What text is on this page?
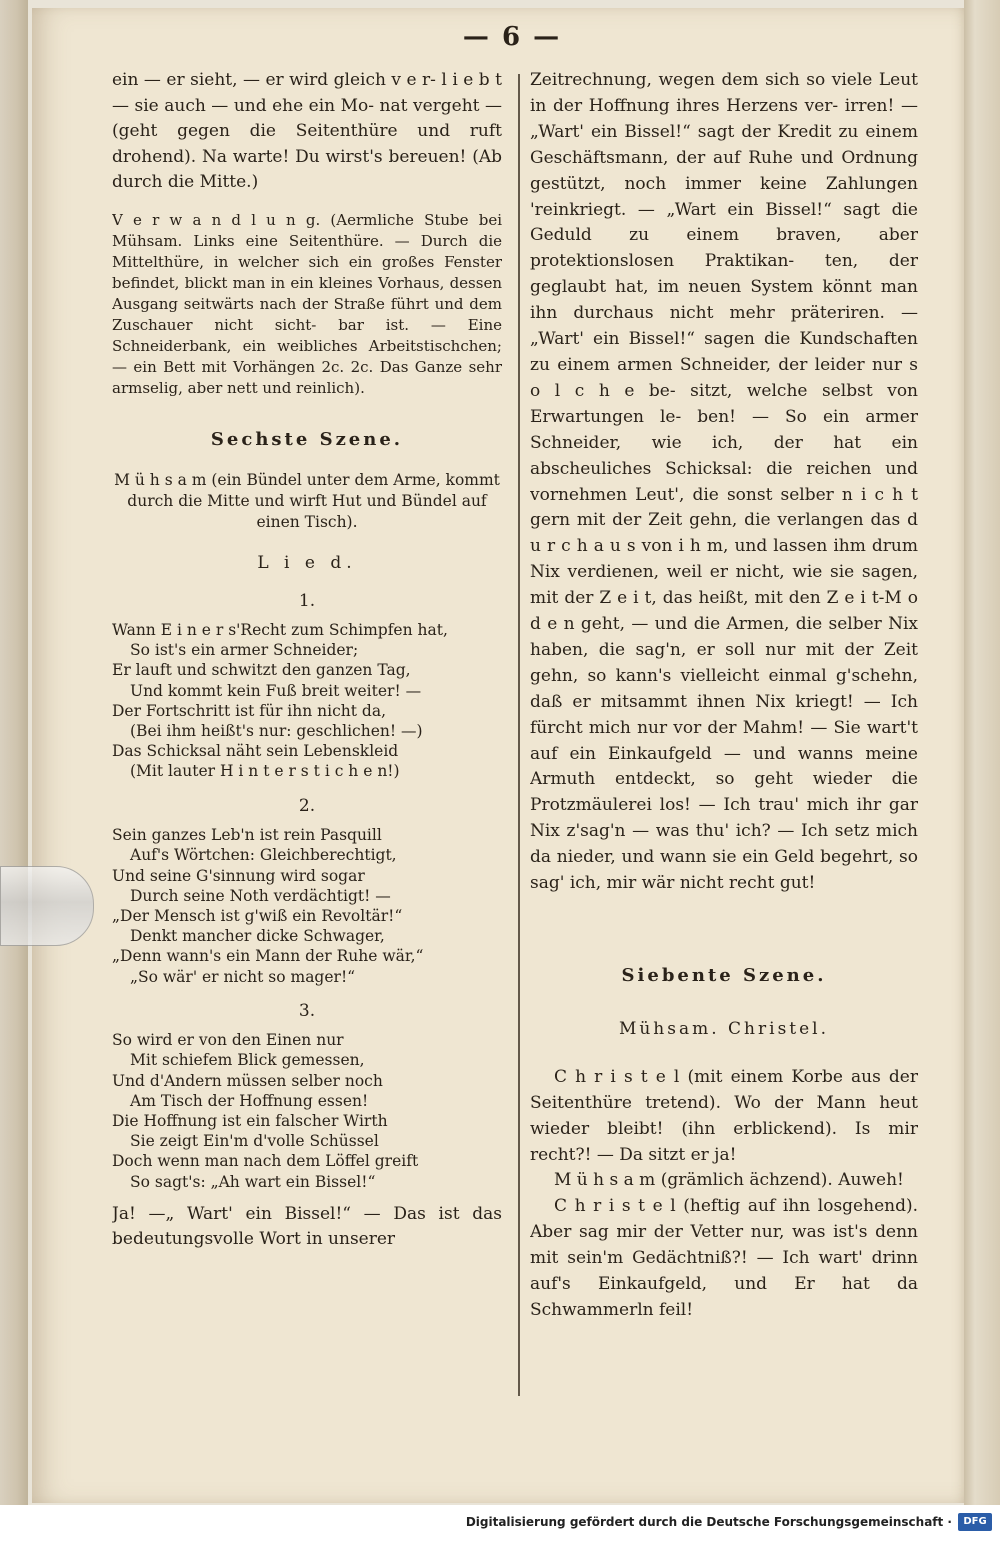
— 6 —

ein — er sieht, — er wird gleich v e r- l i e b t — sie auch — und ehe ein Mo- nat vergeht — (geht gegen die Seitenthüre und ruft drohend). Na warte! Du wirst's bereuen! (Ab durch die Mitte.)

V e r w a n d l u n g. (Aermliche Stube bei Mühsam. Links eine Seitenthüre. — Durch die Mittelthüre, in welcher sich ein großes Fenster befindet, blickt man in ein kleines Vorhaus, dessen Ausgang seitwärts nach der Straße führt und dem Zuschauer nicht sicht- bar ist. — Eine Schneiderbank, ein weibliches Arbeitstischchen; — ein Bett mit Vorhängen 2c. 2c. Das Ganze sehr armselig, aber nett und reinlich).

Sechste Szene.
M ü h s a m (ein Bündel unter dem Arme, kommt durch die Mitte und wirft Hut und Bündel auf einen Tisch).
L i e d.
1.
Wann E i n e r s'Recht zum Schimpfen hat,
So ist's ein armer Schneider;
Er lauft und schwitzt den ganzen Tag,
Und kommt kein Fuß breit weiter! —
Der Fortschritt ist für ihn nicht da,
(Bei ihm heißt's nur: geschlichen! —)
Das Schicksal näht sein Lebenskleid
(Mit lauter H i n t e r s t i c h e n!)
2.
Sein ganzes Leb'n ist rein Pasquill
Auf's Wörtchen: Gleichberechtigt,
Und seine G'sinnung wird sogar
Durch seine Noth verdächtigt! —
„Der Mensch ist g'wiß ein Revoltär!“
Denkt mancher dicke Schwager,
„Denn wann's ein Mann der Ruhe wär,“
„So wär' er nicht so mager!“
3.
So wird er von den Einen nur
Mit schiefem Blick gemessen,
Und d'Andern müssen selber noch
Am Tisch der Hoffnung essen!
Die Hoffnung ist ein falscher Wirth
Sie zeigt Ein'm d'volle Schüssel
Doch wenn man nach dem Löffel greift
So sagt's: „Ah wart ein Bissel!“

Ja! —„ Wart' ein Bissel!“ — Das ist das bedeutungsvolle Wort in unserer

Zeitrechnung, wegen dem sich so viele Leut in der Hoffnung ihres Herzens ver- irren! — „Wart' ein Bissel!“ sagt der Kredit zu einem Geschäftsmann, der auf Ruhe und Ordnung gestützt, noch immer keine Zahlungen 'reinkriegt. — „Wart ein Bissel!“ sagt die Geduld zu einem braven, aber protektionslosen Praktikan- ten, der geglaubt hat, im neuen System könnt man ihn durchaus nicht mehr präteriren. — „Wart' ein Bissel!“ sagen die Kundschaften zu einem armen Schneider, der leider nur s o l c h e be- sitzt, welche selbst von Erwartungen le- ben! — So ein armer Schneider, wie ich, der hat ein abscheuliches Schicksal: die reichen und vornehmen Leut', die sonst selber n i c h t gern mit der Zeit gehn, die verlangen das d u r c h a u s von i h m, und lassen ihm drum Nix verdienen, weil er nicht, wie sie sagen, mit der Z e i t, das heißt, mit den Z e i t-M o d e n geht, — und die Armen, die selber Nix haben, die sag'n, er soll nur mit der Zeit gehn, so kann's vielleicht einmal g'schehn, daß er mitsammt ihnen Nix kriegt! — Ich fürcht mich nur vor der Mahm! — Sie wart't auf ein Einkaufgeld — und wanns meine Armuth entdeckt, so geht wieder die Protzmäulerei los! — Ich trau' mich ihr gar Nix z'sag'n — was thu' ich? — Ich setz mich da nieder, und wann sie ein Geld begehrt, so sag' ich, mir wär nicht recht gut!

Siebente Szene.
Mühsam. Christel.

C h r i s t e l (mit einem Korbe aus der Seitenthüre tretend). Wo der Mann heut wieder bleibt! (ihn erblickend). Is mir recht?! — Da sitzt er ja!

M ü h s a m (grämlich ächzend). Auweh!

C h r i s t e l (heftig auf ihn losgehend). Aber sag mir der Vetter nur, was ist's denn mit sein'm Gedächtniß?! — Ich wart' drinn auf's Einkaufgeld, und Er hat da Schwammerln feil!

Digitalisierung gefördert durch die Deutsche Forschungsgemeinschaft ·	DFG
